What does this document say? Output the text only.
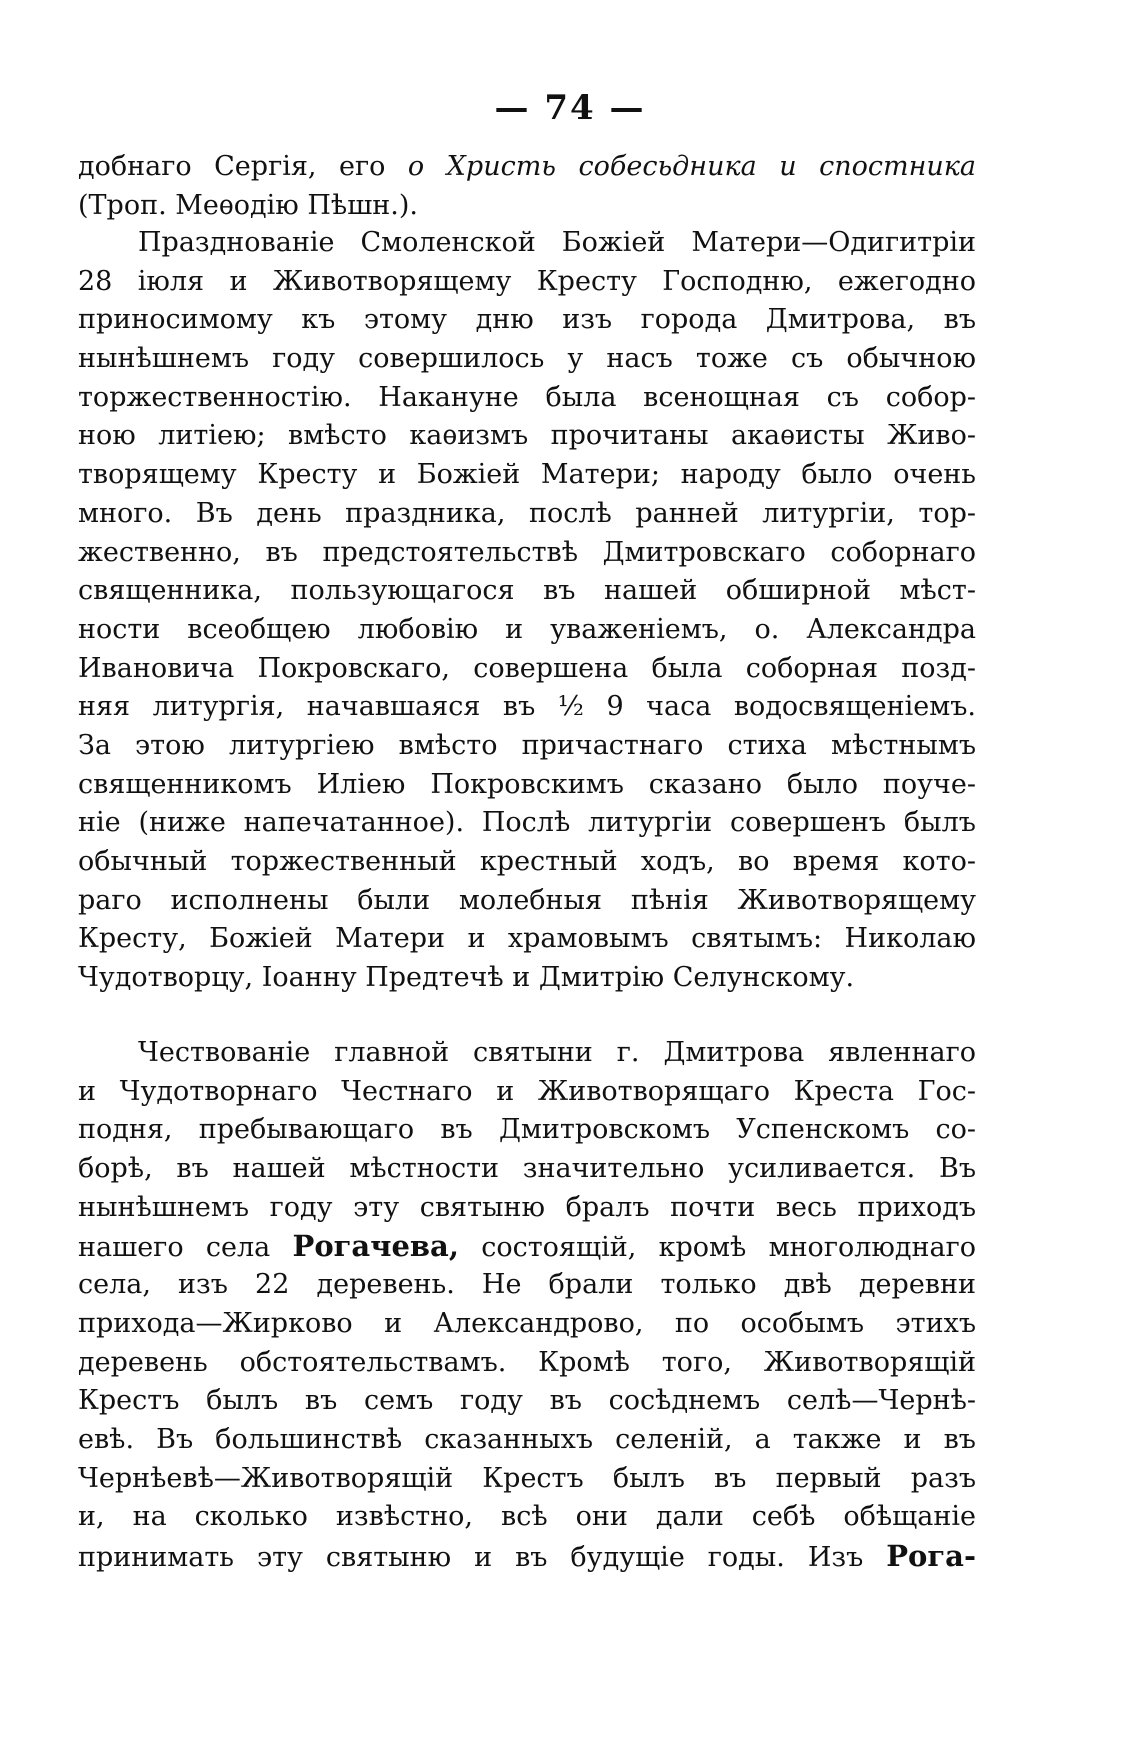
— 74 —
добнаго Сергія, его о Христь собесьдника и спостника
(Троп. Меѳодію Пѣшн.).
Празднованіе Смоленской Божіей Матери—Одигитріи
28 іюля и Животворящему Кресту Господню, ежегодно
приносимому къ этому дню изъ города Дмитрова, въ
нынѣшнемъ году совершилось у насъ тоже съ обычною
торжественностію. Накануне была всенощная съ собор-
ною литіею; вмѣсто каѳизмъ прочитаны акаѳисты Живо-
творящему Кресту и Божіей Матери; народу было очень
много. Въ день праздника, послѣ ранней литургіи, тор-
жественно, въ предстоятельствѣ Дмитровскаго соборнаго
священника, пользующагося въ нашей обширной мѣст-
ности всеобщею любовію и уваженіемъ, о. Александра
Ивановича Покровскаго, совершена была соборная позд-
няя литургія, начавшаяся въ ½ 9 часа водосвященіемъ.
За этою литургіею вмѣсто причастнаго стиха мѣстнымъ
священникомъ Иліею Покровскимъ сказано было поуче-
ніе (ниже напечатанное). Послѣ литургіи совершенъ былъ
обычный торжественный крестный ходъ, во время кото-
раго исполнены были молебныя пѣнія Животворящему
Кресту, Божіей Матери и храмовымъ святымъ: Николаю
Чудотворцу, Іоанну Предтечѣ и Дмитрію Селунскому.
Чествованіе главной святыни г. Дмитрова явленнаго
и Чудотворнаго Честнаго и Животворящаго Креста Гос-
подня, пребывающаго въ Дмитровскомъ Успенскомъ со-
борѣ, въ нашей мѣстности значительно усиливается. Въ
нынѣшнемъ году эту святыню бралъ почти весь приходъ
нашего села Рогачева, состоящій, кромѣ многолюднаго
села, изъ 22 деревень. Не брали только двѣ деревни
прихода—Жирково и Александрово, по особымъ этихъ
деревень обстоятельствамъ. Кромѣ того, Животворящій
Крестъ былъ въ семъ году въ сосѣднемъ селѣ—Чернѣ-
евѣ. Въ большинствѣ сказанныхъ селеній, а также и въ
Чернѣевѣ—Животворящій Крестъ былъ въ первый разъ
и, на сколько извѣстно, всѣ они дали себѣ обѣщаніе
принимать эту святыню и въ будущіе годы. Изъ Рога-
